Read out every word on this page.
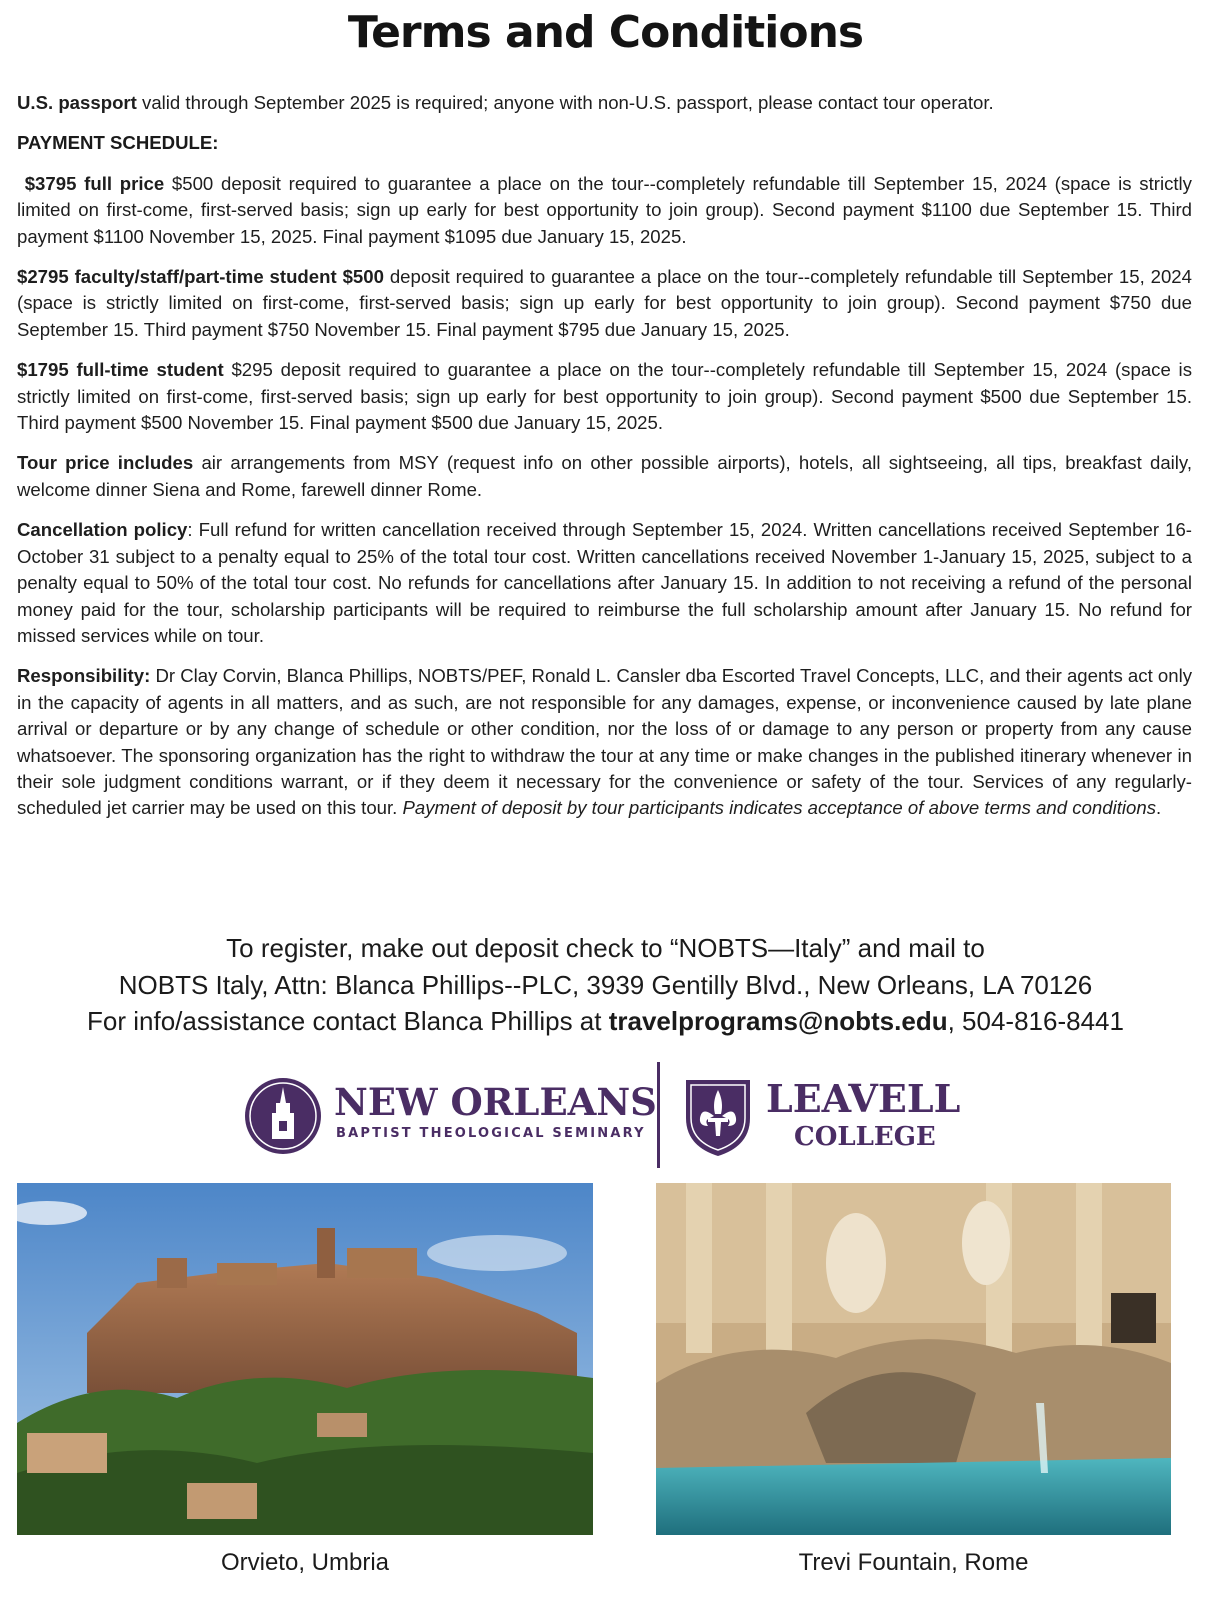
Terms and Conditions

U.S. passport valid through September 2025 is required; anyone with non-U.S. passport, please contact tour operator.

PAYMENT SCHEDULE:

$3795 full price $500 deposit required to guarantee a place on the tour--completely refundable till September 15, 2024 (space is strictly limited on first-come, first-served basis; sign up early for best opportunity to join group). Second payment $1100 due September 15. Third payment $1100 November 15, 2025. Final payment $1095 due January 15, 2025.

$2795 faculty/staff/part-time student $500 deposit required to guarantee a place on the tour--completely refundable till September 15, 2024 (space is strictly limited on first-come, first-served basis; sign up early for best opportunity to join group). Second payment $750 due September 15. Third payment $750 November 15. Final payment $795 due January 15, 2025.

$1795 full-time student $295 deposit required to guarantee a place on the tour--completely refundable till September 15, 2024 (space is strictly limited on first-come, first-served basis; sign up early for best opportunity to join group). Second payment $500 due September 15. Third payment $500 November 15. Final payment $500 due January 15, 2025.

Tour price includes air arrangements from MSY (request info on other possible airports), hotels, all sightseeing, all tips, breakfast daily, welcome dinner Siena and Rome, farewell dinner Rome.

Cancellation policy: Full refund for written cancellation received through September 15, 2024. Written cancellations received September 16-October 31 subject to a penalty equal to 25% of the total tour cost. Written cancellations received November 1-January 15, 2025, subject to a penalty equal to 50% of the total tour cost. No refunds for cancellations after January 15. In addition to not receiving a refund of the personal money paid for the tour, scholarship participants will be required to reimburse the full scholarship amount after January 15. No refund for missed services while on tour.

Responsibility: Dr Clay Corvin, Blanca Phillips, NOBTS/PEF, Ronald L. Cansler dba Escorted Travel Concepts, LLC, and their agents act only in the capacity of agents in all matters, and as such, are not responsible for any damages, expense, or inconvenience caused by late plane arrival or departure or by any change of schedule or other condition, nor the loss of or damage to any person or property from any cause whatsoever. The sponsoring organization has the right to withdraw the tour at any time or make changes in the published itinerary whenever in their sole judgment conditions warrant, or if they deem it necessary for the convenience or safety of the tour. Services of any regularly-scheduled jet carrier may be used on this tour. Payment of deposit by tour participants indicates acceptance of above terms and conditions.

To register, make out deposit check to “NOBTS—Italy” and mail to
NOBTS Italy, Attn: Blanca Phillips--PLC, 3939 Gentilly Blvd., New Orleans, LA 70126
For info/assistance contact Blanca Phillips at travelprograms@nobts.edu, 504-816-8441
NEW ORLEANS
BAPTIST THEOLOGICAL SEMINARY
LEAVELL
COLLEGE
Orvieto, Umbria	Trevi Fountain, Rome
